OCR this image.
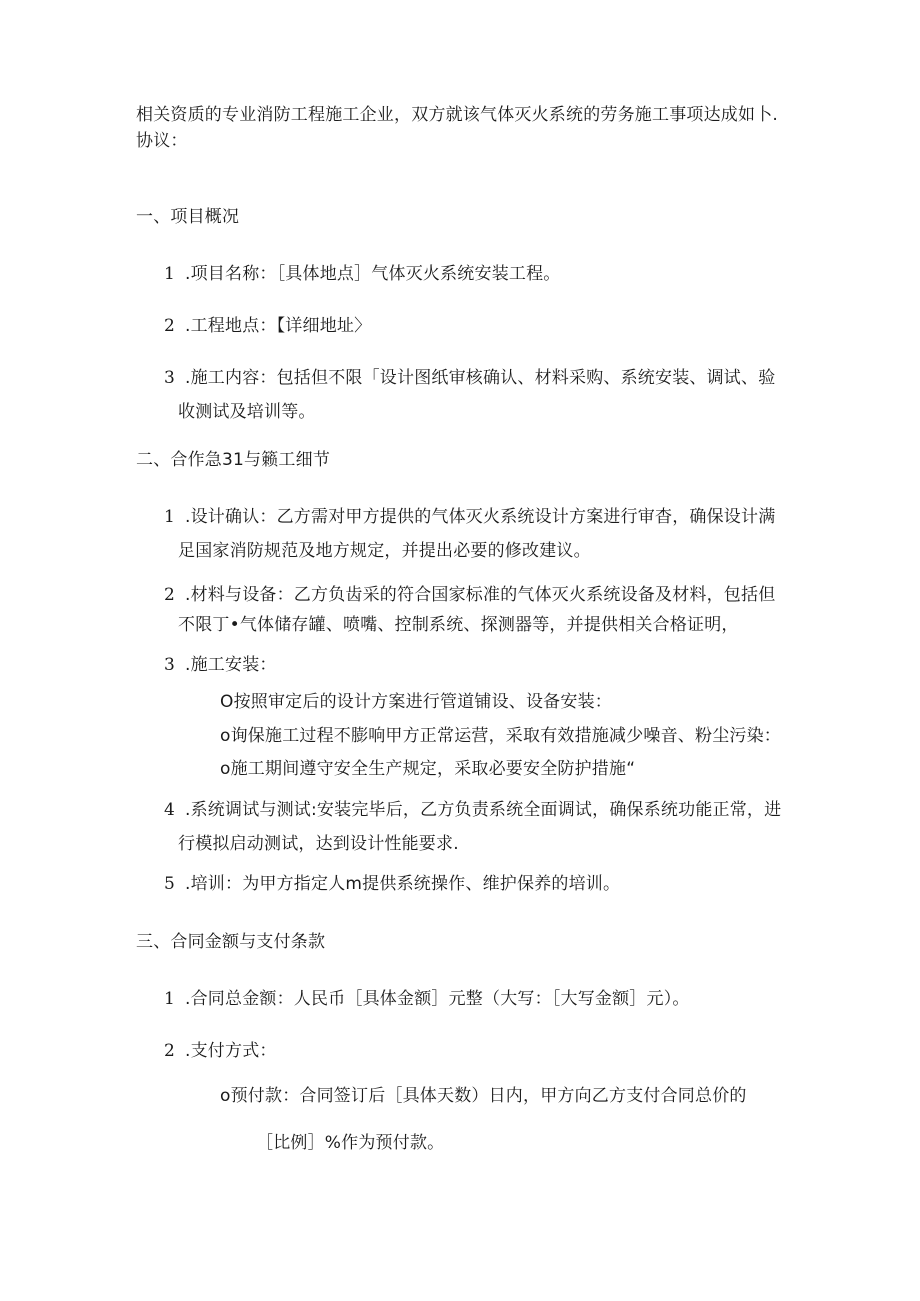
相关资质的专业消防工程施工企业，双方就该气体灭火系统的劳务施工事项达成如卜.
协议：
一、项目概况
1 .项目名称：［具体地点］气体灭火系统安装工程。
2 .工程地点：【详细地址〉
3 .施工内容：包括但不限「设计图纸审核确认、材料采购、系统安装、调试、验
收测试及培训等。
二、合作急31与籁工细节
1 .设计确认：乙方需对甲方提供的气体灭火系统设计方案进行审杳，确保设计满
足国家消防规范及地方规定，并提出必要的修改建议。
2 .材料与设备：乙方负齿采的符合国家标准的气体灭火系统设备及材料，包括但
不限丁•气体储存罐、喷嘴、控制系统、探测器等，并提供相关合格证明，
3 .施工安装：
O按照审定后的设计方案进行管道铺设、设备安装：
o询保施工过程不膨响甲方正常运营，采取有效措施减少噪音、粉尘污染：
o施工期间遵守安全生产规定，采取必要安全防护措施“
4 .系统调试与测试:安装完毕后，乙方负责系统全面调试，确保系统功能正常，进
行模拟启动测试，达到设计性能要求.
5 .培训：为甲方指定人m提供系统操作、维护保养的培训。
三、合同金额与支付条款
1 .合同总金额：人民币［具体金额］元整（大写：［大写金额］元）。
2 .支付方式：
o预付款：合同签订后［具体天数）日内，甲方向乙方支付合同总价的
［比例］%作为预付款。
